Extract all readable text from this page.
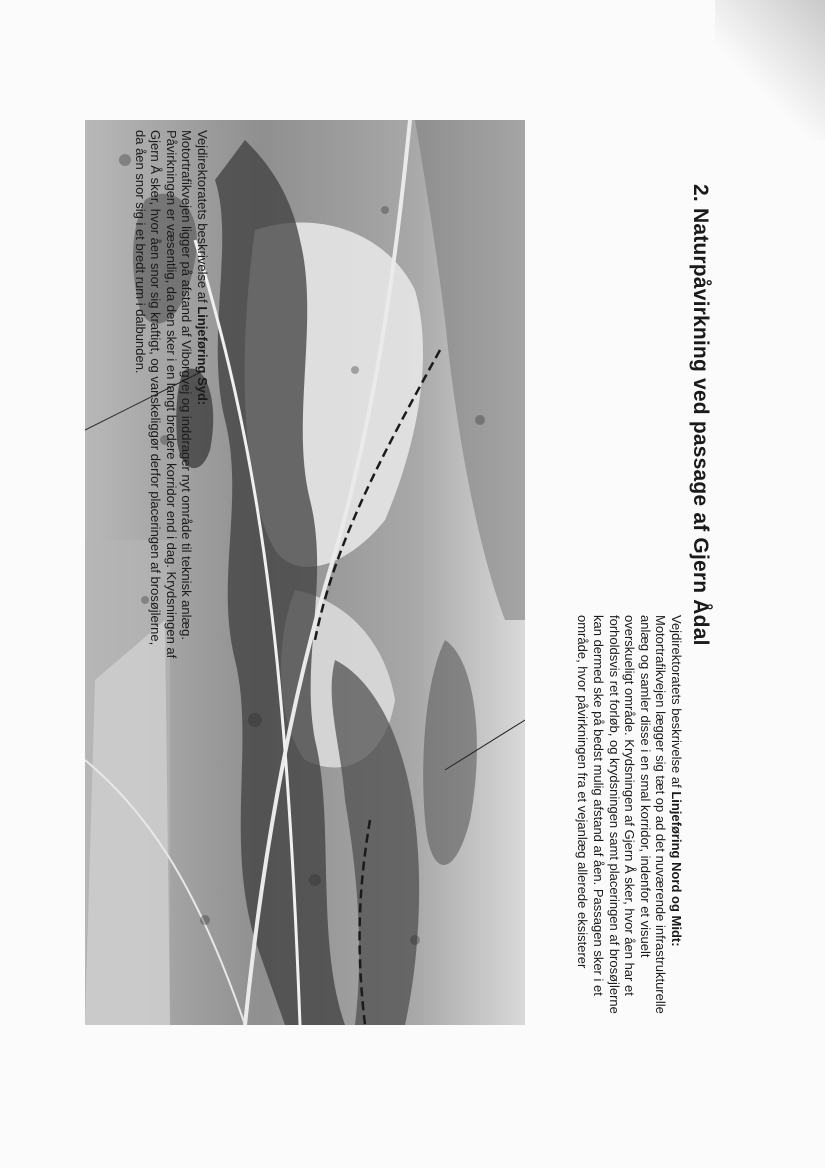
2. Naturpåvirkning ved passage af Gjern Ådal
Vejdirektoratets beskrivelse af Linjeføring Nord og Midt:
Motortrafikvejen lægger sig tæt op ad det nuværende infrastrukturelle anlæg og samler disse i en smal korridor, indenfor et visuelt overskueligt område. Krydsningen af Gjern Å sker, hvor åen har et forholdsvis ret forløb, og krydsningen samt placeringen af brosøjlerne kan dermed ske på bedst mulig afstand af åen. Passagen sker i et område, hvor påvirkningen fra et vejanlæg allerede eksisterer
Vejdirektoratets beskrivelse af Linjeføring Syd:
Motortrafikvejen ligger på afstand af Viborgvej og inddrager nyt område til teknisk anlæg. Påvirkningen er væsentlig, da den sker i en langt bredere korridor end i dag. Krydsningen af Gjern Å sker, hvor åen snor sig kraftigt, og vanskeliggør derfor placeringen af brosøjlerne, da åen snor sig i et bredt rum i dalbunden.
